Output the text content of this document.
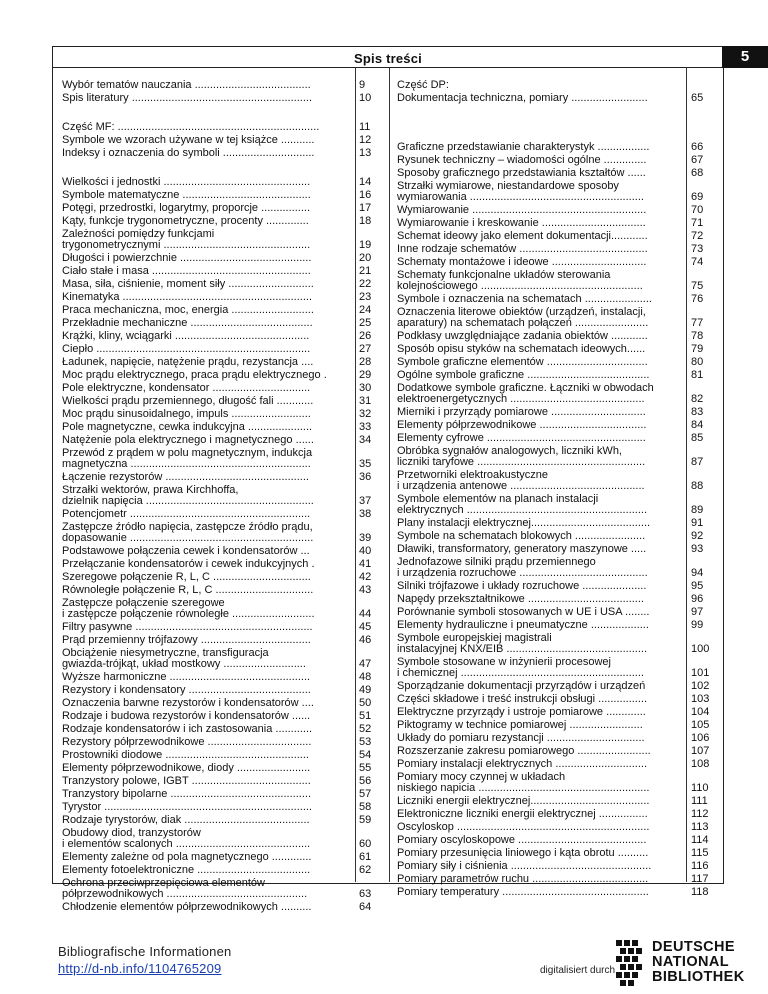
Spis treści	5
Wybór tematów nauczania ......................................
Spis literatury ...........................................................
Część MF: ..................................................................
Symbole we wzorach używane w tej książce ...........
Indeksy i oznaczenia do symboli ..............................
Wielkości i jednostki ................................................
Symbole matematyczne ..........................................
Potęgi, przedrostki, logarytmy, proporcje ................
Kąty, funkcje trygonometryczne, procenty ..............
Zależności pomiędzy funkcjami
trygonometrycznymi ................................................
Długości i powierzchnie ...........................................
Ciało stałe i masa ....................................................
Masa, siła, ciśnienie, moment siły ............................
Kinematyka ..............................................................
Praca mechaniczna, moc, energia ...........................
Przekładnie mechaniczne ........................................
Krążki, kliny, wciągarki ............................................
Ciepło ......................................................................
Ładunek, napięcie, natężenie prądu, rezystancja ....
Moc prądu elektrycznego, praca prądu elektrycznego .
Pole elektryczne, kondensator ................................
Wielkości prądu przemiennego, długość fali ............
Moc prądu sinusoidalnego, impuls ..........................
Pole magnetyczne, cewka indukcyjna .....................
Natężenie pola elektrycznego i magnetycznego ......
Przewód z prądem w polu magnetycznym, indukcja
magnetyczna ...........................................................
Łączenie rezystorów ...............................................
Strzałki wektorów, prawa Kirchhoffa,
dzielnik napięcia .......................................................
Potencjometr ...........................................................
Zastępcze źródło napięcia, zastępcze źródło prądu,
dopasowanie ............................................................
Podstawowe połączenia cewek i kondensatorów ...
Przełączanie kondensatorów i cewek indukcyjnych .
Szeregowe połączenie R, L, C ................................
Równoległe połączenie R, L, C ................................
Zastępcze połączenie szeregowe
i zastępcze połączenie równoległe ...........................
Filtry pasywne ..........................................................
Prąd przemienny trójfazowy ....................................
Obciążenie niesymetryczne, transfiguracja
gwiazda-trójkąt, układ mostkowy ...........................
Wyższe harmoniczne ..............................................
Rezystory i kondensatory ........................................
Oznaczenia barwne rezystorów i kondensatorów ....
Rodzaje i budowa rezystorów i kondensatorów ......
Rodzaje kondensatorów i ich zastosowania ............
Rezystory półprzewodnikowe ..................................
Prostowniki diodowe ...............................................
Elementy półprzewodnikowe, diody ........................
Tranzystory polowe, IGBT .......................................
Tranzystory bipolarne ..............................................
Tyrystor ....................................................................
Rodzaje tyrystorów, diak .........................................
Obudowy diod, tranzystorów
i elementów scalonych ............................................
Elementy zależne od pola magnetycznego .............
Elementy fotoelektroniczne .....................................
Ochrona przeciwprzepięciowa elementów
półprzewodnikowych ..............................................
Chłodzenie elementów półprzewodnikowych ..........
9
10
11
12
13
14
16
17
18
19
20
21
22
23
24
25
26
27
28
29
30
31
32
33
34
35
36
37
38
39
40
41
42
43
44
45
46
47
48
49
50
51
52
53
54
55
56
57
58
59
60
61
62
63
64
Część DP:
Dokumentacja techniczna, pomiary .........................
Graficzne przedstawianie charakterystyk .................
Rysunek techniczny – wiadomości ogólne ..............
Sposoby graficznego przedstawiania kształtów ......
Strzałki wymiarowe, niestandardowe sposoby
wymiarowania .........................................................
Wymiarowanie .........................................................
Wymiarowanie i kreskowanie ..................................
Schemat ideowy jako element dokumentacji............
Inne rodzaje schematów ..........................................
Schematy montażowe i ideowe ...............................
Schematy funkcjonalne układów sterowania
kolejnościowego .....................................................
Symbole i oznaczenia na schematach ......................
Oznaczenia literowe obiektów (urządzeń, instalacji,
aparatury) na schematach połączeń ........................
Podkłasy uwzględniające zadania obiektów ............
Sposób opisu styków na schematach ideowych......
Symbole graficzne elementów .................................
Ogólne symbole graficzne ........................................
Dodatkowe symbole graficzne. Łączniki w obwodach
elektroenergetycznych ............................................
Mierniki i przyrządy pomiarowe ...............................
Elementy półprzewodnikowe ...................................
Elementy cyfrowe ....................................................
Obróbka sygnałów analogowych, liczniki kWh,
liczniki taryfowe .......................................................
Przetworniki elektroakustyczne
i urządzenia antenowe ............................................
Symbole elementów na planach instalacji
elektrycznych ...........................................................
Plany instalacji elektrycznej.......................................
Symbole na schematach blokowych .......................
Dławiki, transformatory, generatory maszynowe .....
Jednofazowe silniki prądu przemiennego
i urządzenia rozruchowe ..........................................
Silniki trójfazowe i układy rozruchowe .....................
Napędy przekształtnikowe ......................................
Porównanie symboli stosowanych w UE i USA ........
Elementy hydrauliczne i pneumatyczne ...................
Symbole europejskiej magistrali
instalacyjnej KNX/EIB ..............................................
Symbole stosowane w inżynierii procesowej
i chemicznej ............................................................
Sporządzanie dokumentacji przyrządów i urządzeń
Części składowe i treść instrukcji obsługi ................
Elektryczne przyrządy i ustroje pomiarowe .............
Piktogramy w technice pomiarowej ........................
Układy do pomiaru rezystancji ................................
Rozszerzanie zakresu pomiarowego ........................
Pomiary instalacji elektrycznych ..............................
Pomiary mocy czynnej w układach
niskiego napicia ........................................................
Liczniki energii elektrycznej.......................................
Elektroniczne liczniki energii elektrycznej ................
Oscyloskop ...............................................................
Pomiary oscyloskopowe ..........................................
Pomiary przesunięcia liniowego i kąta obrotu ..........
Pomiary siły i ciśnienia ..............................................
Pomiary parametrów ruchu ......................................
Pomiary temperatury ................................................
65
66
67
68
69
70
71
72
73
74
75
76
77
78
79
80
81
82
83
84
85
87
88
89
91
92
93
94
95
96
97
99
100
101
102
103
104
105
106
107
108
110
111
112
113
114
115
116
117
118
Bibliografische Informationen
http://d-nb.info/1104765209	digitalisiert durch
DEUTSCHE
NATIONAL
BIBLIOTHEK
